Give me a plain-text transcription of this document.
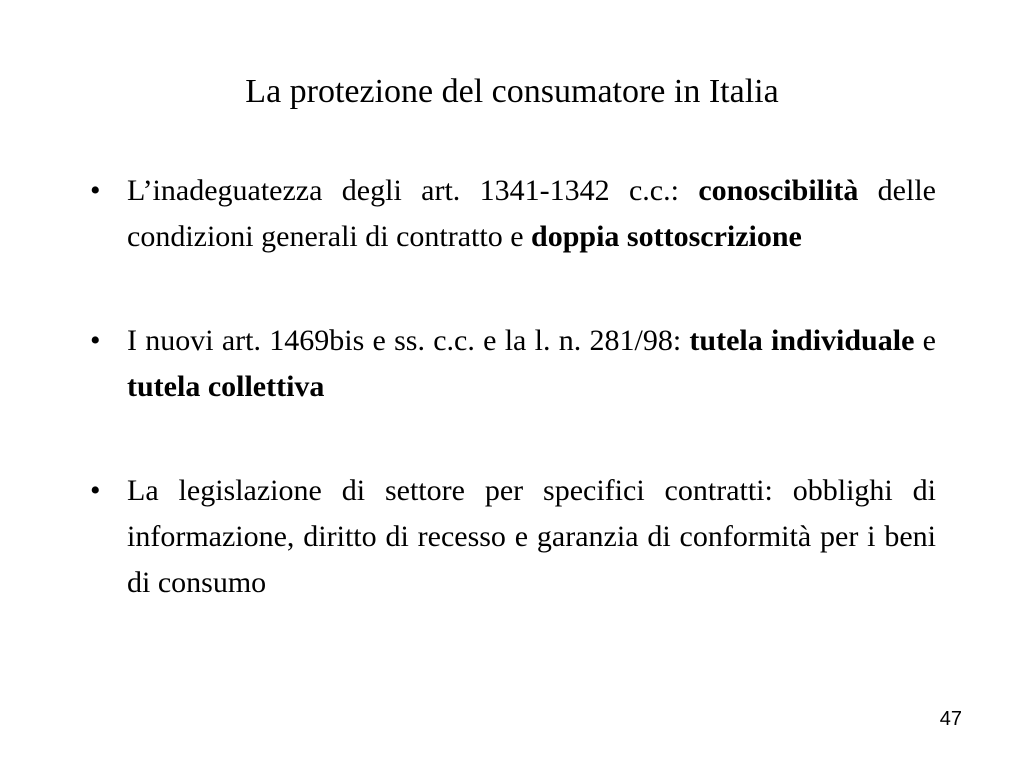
La protezione del consumatore in Italia
• L’inadeguatezza degli art. 1341-1342 c.c.: conoscibilità delle condizioni generali di contratto e doppia sottoscrizione
• I nuovi art. 1469bis e ss. c.c. e la l. n. 281/98: tutela individuale e tutela collettiva
• La legislazione di settore per specifici contratti: obblighi di informazione, diritto di recesso e garanzia di conformità per i beni di consumo
47
